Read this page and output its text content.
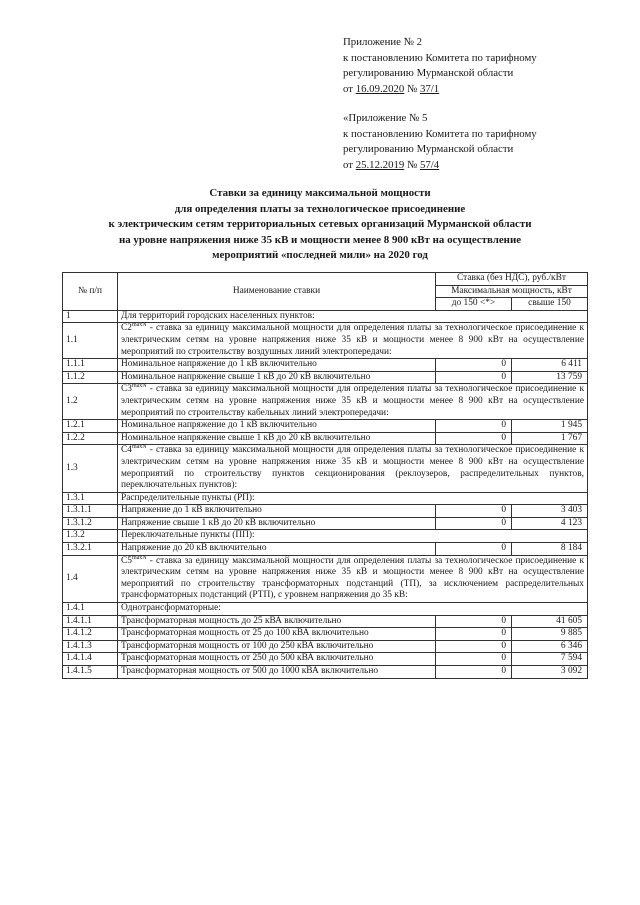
Приложение № 2
к постановлению Комитета по тарифному
регулированию Мурманской области
от 16.09.2020 № 37/1
«Приложение № 5
к постановлению Комитета по тарифному
регулированию Мурманской области
от 25.12.2019 № 57/4
Ставки за единицу максимальной мощности
для определения платы за технологическое присоединение
к электрическим сетям территориальных сетевых организаций Мурманской области
на уровне напряжения ниже 35 кВ и мощности менее 8 900 кВт на осуществление
мероприятий «последней мили» на 2020 год
№ п/п	Наименование ставки	Ставка (без НДС), руб./кВт	
		Максимальная мощность, кВт	
		до 150 <*>	свыше 150
1	Для территорий городских населенных пунктов:		
1.1	$C2^{maxN}$ - ставка за единицу максимальной мощности для определения платы за технологическое присоединение к электрическим сетям на уровне напряжения ниже 35 кВ и мощности менее 8 900 кВт на осуществление мероприятий по строительству воздушных линий электропередачи:		
1.1.1	Номинальное напряжение до 1 кВ включительно	0	6 411
1.1.2	Номинальное напряжение свыше 1 кВ до 20 кВ включительно	0	13 759
1.2	$C3^{maxN}$ - ставка за единицу максимальной мощности для определения платы за технологическое присоединение к электрическим сетям на уровне напряжения ниже 35 кВ и мощности менее 8 900 кВт на осуществление мероприятий по строительству кабельных линий электропередачи:		
1.2.1	Номинальное напряжение до 1 кВ включительно	0	1 945
1.2.2	Номинальное напряжение свыше 1 кВ до 20 кВ включительно	0	1 767
1.3	$C4^{maxN}$ - ставка за единицу максимальной мощности для определения платы за технологическое присоединение к электрическим сетям на уровне напряжения ниже 35 кВ и мощности менее 8 900 кВт на осуществление мероприятий по строительству пунктов секционирования (реклоузеров, распределительных пунктов, переключательных пунктов):		
1.3.1	Распределительные пункты (РП):		
1.3.1.1	Напряжение до 1 кВ включительно	0	3 403
1.3.1.2	Напряжение свыше 1 кВ до 20 кВ включительно	0	4 123
1.3.2	Переключательные пункты (ПП):		
1.3.2.1	Напряжение до 20 кВ включительно	0	8 184
1.4	$C5^{maxN}$ - ставка за единицу максимальной мощности для определения платы за технологическое присоединение к электрическим сетям на уровне напряжения ниже 35 кВ и мощности менее 8 900 кВт на осуществление мероприятий по строительству трансформаторных подстанций (ТП), за исключением распределительных трансформаторных подстанций (РТП), с уровнем напряжения до 35 кВ:		
1.4.1	Однотрансформаторные:		
1.4.1.1	Трансформаторная мощность до 25 кВА включительно	0	41 605
1.4.1.2	Трансформаторная мощность от 25 до 100 кВА включительно	0	9 885
1.4.1.3	Трансформаторная мощность от 100 до 250 кВА включительно	0	6 346
1.4.1.4	Трансформаторная мощность от 250 до 500 кВА включительно	0	7 594
1.4.1.5	Трансформаторная мощность от 500 до 1000 кВА включительно	0	3 092
